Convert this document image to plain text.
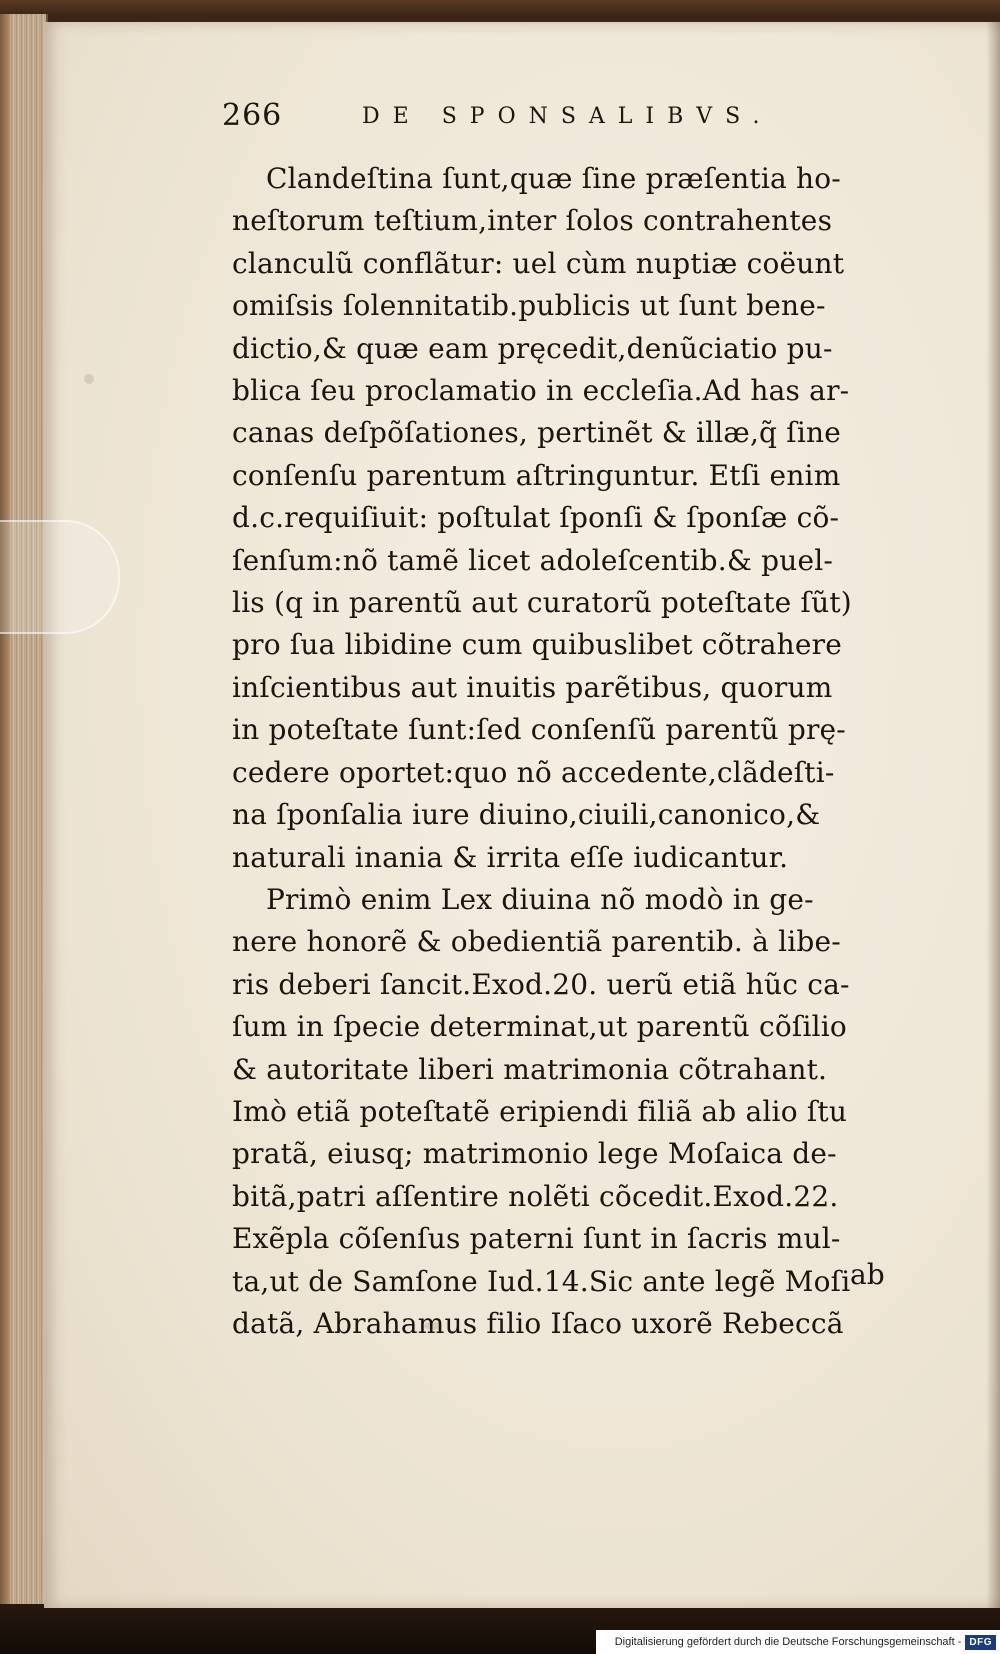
266	DE SPONSALIBVS.
Clandeſtina ſunt,quæ ſine præſentia ho-
neſtorum teſtium,inter ſolos contrahentes
clanculũ conflãtur: uel cùm nuptiæ coëunt
omiſsis ſolennitatib.publicis ut ſunt bene-
dictio,& quæ eam pręcedit,denũciatio pu-
blica ſeu proclamatio in eccleſia.Ad has ar-
canas deſpõſationes, pertinẽt & illæ,q̃ ſine
conſenſu parentum aſtringuntur. Etſi enim
d.c.requiſiuit: poſtulat ſponſi & ſponſæ cõ-
ſenſum:nõ tamẽ licet adoleſcentib.& puel-
lis (q in parentũ aut curatorũ poteſtate ſũt)
pro ſua libidine cum quibuslibet cõtrahere
inſcientibus aut inuitis parẽtibus, quorum
in poteſtate ſunt:ſed conſenſũ parentũ prę-
cedere oportet:quo nõ accedente,clãdeſti-
na ſponſalia iure diuino,ciuili,canonico,&
naturali inania & irrita eſſe iudicantur.
Primò enim Lex diuina nõ modò in ge-
nere honorẽ & obedientiã parentib. à libe-
ris deberi ſancit.Exod.20. uerũ etiã hũc ca-
ſum in ſpecie determinat,ut parentũ cõſilio
& autoritate liberi matrimonia cõtrahant.
Imò etiã poteſtatẽ eripiendi filiã ab alio ſtu
pratã, eiusq; matrimonio lege Moſaica de-
bitã,patri aſſentire nolẽti cõcedit.Exod.22.
Exẽpla cõſenſus paterni ſunt in ſacris mul-
ta,ut de Samſone Iud.14.Sic ante legẽ Moſi
datã, Abrahamus filio Iſaco uxorẽ Rebeccã
ab
Digitalisierung gefördert durch die Deutsche Forschungsgemeinschaft - DFG
